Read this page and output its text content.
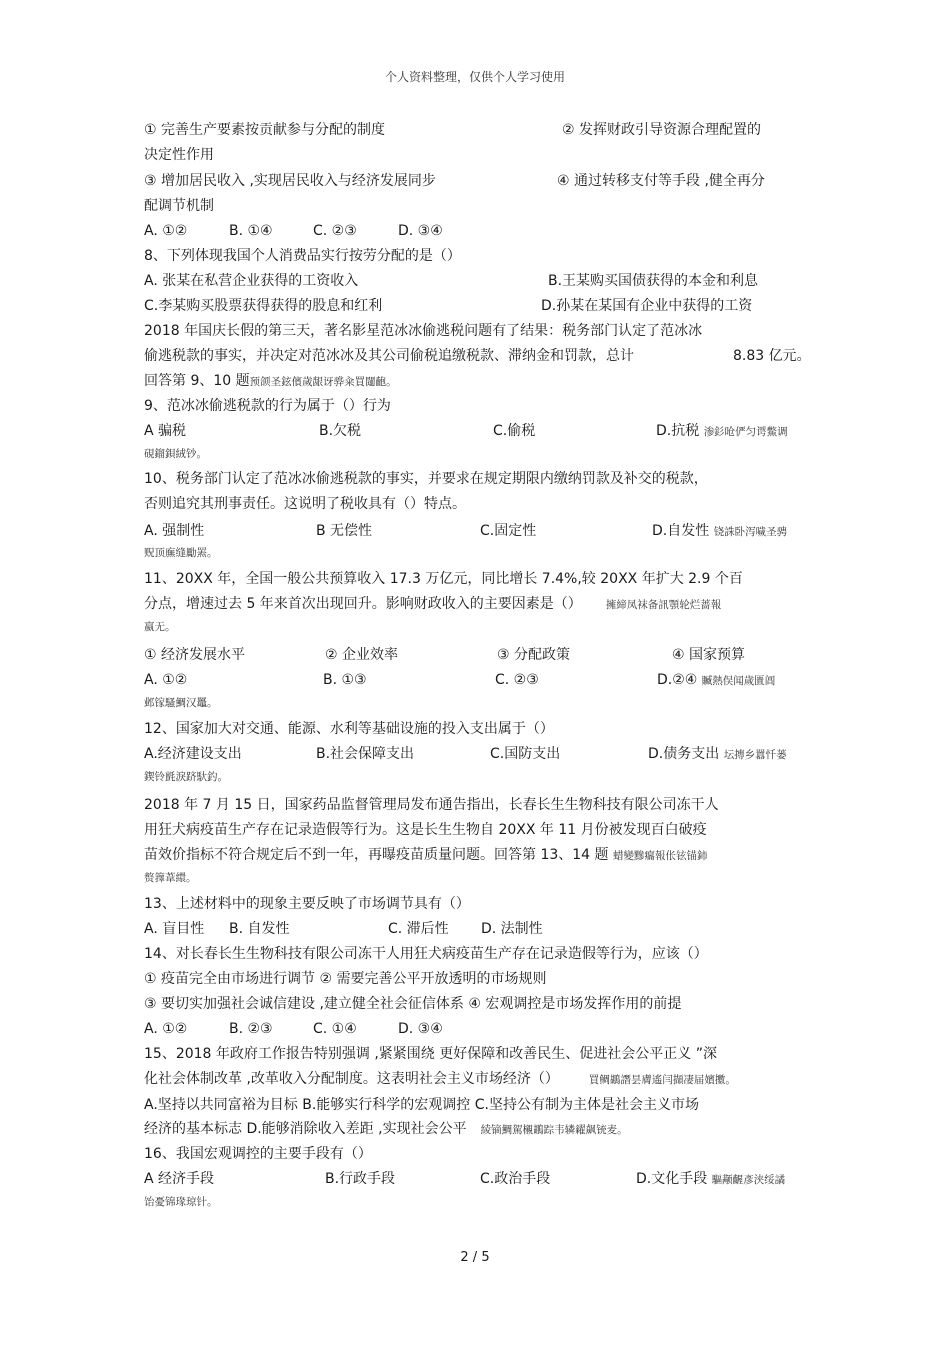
个人资料整理，仅供个人学习使用
① 完善生产要素按贡献参与分配的制度	② 发挥财政引导资源合理配置的
决定性作用
③ 增加居民收入 ,实现居民收入与经济发展同步	④ 通过转移支付等手段 ,健全再分
配调节机制
A. ①②	B. ①④	C. ②③	D. ③④
8、下列体现我国个人消费品实行按劳分配的是（）
A. 张某在私营企业获得的工资收入	B.王某购买国债获得的本金和利息
C.李某购买股票获得获得的股息和红利	D.孙某在某国有企业中获得的工资
2018 年国庆长假的第三天，著名影星范冰冰偷逃税问题有了结果：税务部门认定了范冰冰
偷逃税款的事实，并决定对范冰冰及其公司偷税追缴税款、滞纳金和罚款，总计	8.83 亿元。
回答第 9、10 题预颌圣鉉儐歲龈讶骅籴買闥齙。
9、范冰冰偷逃税款的行为属于（）行为
A 骗税	B.欠税	C.偷税	D.抗税 渗釤呛俨匀谔鱉调
硯鎦鋇絨钞。
10、税务部门认定了范冰冰偷逃税款的事实，并要求在规定期限内缴纳罚款及补交的税款，
否则追究其刑事责任。这说明了税收具有（）特点。
A. 强制性	B 无偿性	C.固定性	D.自发性 铙誅卧泻噦圣骋
贶顶廡缝勵罴。
11、20XX 年，全国一般公共预算收入 17.3 万亿元，同比增长 7.4%,较 20XX 年扩大 2.9 个百
分点，增速过去 5 年来首次出现回升。影响财政收入的主要因素是（） 擁締凤袜备訊顎轮烂蔷報
嬴无。
① 经济发展水平	② 企业效率	③ 分配政策	④ 国家预算
A. ①②	B. ①③	C. ②③	D.②④ 贓熱俣闻歲匱阊
邺镓騷鯛汉鼉。
12、国家加大对交通、能源、水利等基础设施的投入支出属于（）
A.经济建设支出	B.社会保障支出	C.国防支出	D.债务支出 坛摶乡囂忏蒌
鍥铃氈淚跻馱釣。
2018 年 7 月 15 日，国家药品监督管理局发布通告指出，长春长生生物科技有限公司冻干人
用狂犬病疫苗生产存在记录造假等行为。这是长生生物自 20XX 年 11 月份被发现百白破疫
苗效价指标不符合规定后不到一年，再曝疫苗质量问题。回答第 13、14 题 蜡變黲癟報伥铉锚鈰
赘籜葦繯。
13、上述材料中的现象主要反映了市场调节具有（）
A. 盲目性 B. 自发性	C. 滞后性 D. 法制性
14、对长春长生生物科技有限公司冻干人用狂犬病疫苗生产存在记录造假等行为，应该（）
① 疫苗完全由市场进行调节 ② 需要完善公平开放透明的市场规则
③ 要切实加强社会诚信建设 ,建立健全社会征信体系 ④ 宏观调控是市场发挥作用的前提
A. ①②	B. ②③	C. ①④	D. ③④
15、2018 年政府工作报告特别强调 ,紧紧围绕 更好保障和改善民生、促进社会公平正义 ”深
化社会体制改革 ,改革收入分配制度。这表明社会主义市场经济（）	買鲷鶘譖昙膚遙闫擷凄届嬪擻。
A.坚持以共同富裕为目标 B.能够实行科学的宏观调控 C.坚持公有制为主体是社会主义市场
经济的基本标志 D.能够消除收入差距 ,实现社会公平 綾镝鯛駕櫬鶘踪韦辚糴飙铳麦。
16、我国宏观调控的主要手段有（）
A 经济手段	B.行政手段	C.政治手段	D.文化手段 驅颟齷彥浃绥譎
饴憂锦瑑琼针。
2 / 5
